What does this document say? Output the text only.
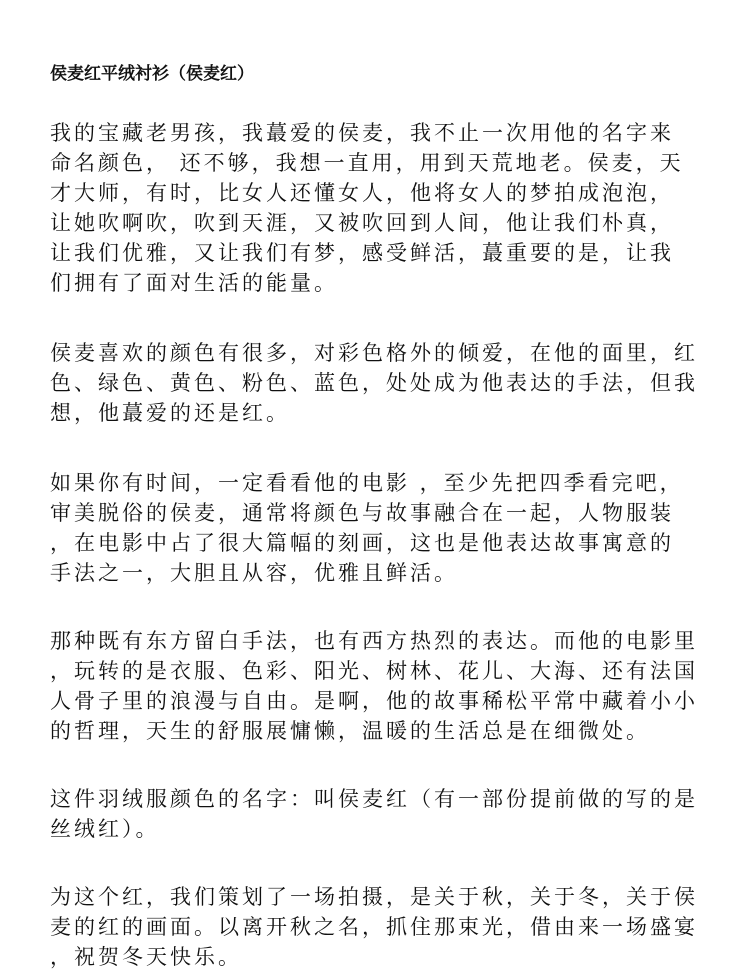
侯麦红平绒衬衫（侯麦红）
我的宝藏老男孩，我蕞爱的侯麦，我不止一次用他的名字来
命名颜色， 还不够，我想一直用，用到天荒地老。侯麦，天
才大师，有时，比女人还懂女人，他将女人的梦拍成泡泡，
让她吹啊吹，吹到天涯，又被吹回到人间，他让我们朴真，
让我们优雅，又让我们有梦，感受鲜活，蕞重要的是，让我
们拥有了面对生活的能量。
侯麦喜欢的颜色有很多，对彩色格外的倾爱，在他的面里，红
色、绿色、黄色、粉色、蓝色，处处成为他表达的手法，但我
想，他蕞爱的还是红。
如果你有时间，一定看看他的电影 ，至少先把四季看完吧，
审美脱俗的侯麦，通常将颜色与故事融合在一起，人物服装
，在电影中占了很大篇幅的刻画，这也是他表达故事寓意的
手法之一，大胆且从容，优雅且鲜活。
那种既有东方留白手法，也有西方热烈的表达。而他的电影里
，玩转的是衣服、色彩、阳光、树林、花儿、大海、还有法国
人骨子里的浪漫与自由。是啊，他的故事稀松平常中藏着小小
的哲理，天生的舒服展慵懒，温暖的生活总是在细微处。
这件羽绒服颜色的名字：叫侯麦红（有一部份提前做的写的是
丝绒红）。
为这个红，我们策划了一场拍摄，是关于秋，关于冬，关于侯
麦的红的画面。以离开秋之名，抓住那束光，借由来一场盛宴
，祝贺冬天快乐。
